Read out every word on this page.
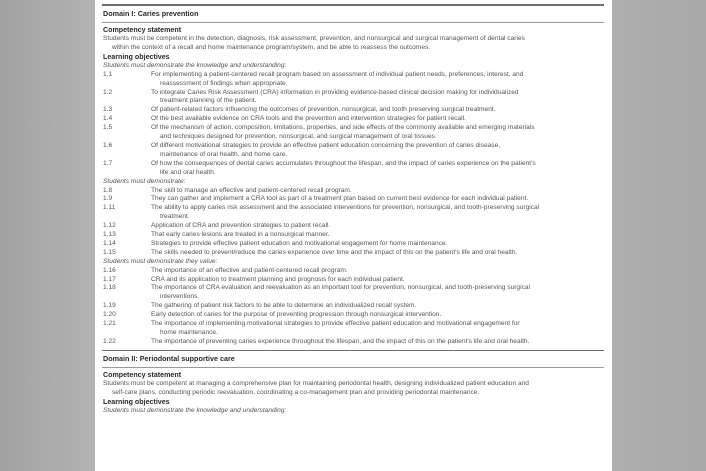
Domain I: Caries prevention
Competency statement
Students must be competent in the detection, diagnosis, risk assessment, prevention, and nonsurgical and surgical management of dental caries
within the context of a recall and home maintenance program/system, and be able to reassess the outcomes.
Learning objectives
Students must demonstrate the knowledge and understanding:
1.1	For implementing a patient-centered recall program based on assessment of individual patient needs, preferences, interest, and
reassessment of findings when appropriate.
1.2	To integrate Caries Risk Assessment (CRA) information in providing evidence-based clinical decision making for individualized
treatment planning of the patient.
1.3	Of patient-related factors influencing the outcomes of prevention, nonsurgical, and tooth preserving surgical treatment.
1.4	Of the best available evidence on CRA tools and the prevention and intervention strategies for patient recall.
1.5	Of the mechanism of action, composition, limitations, properties, and side effects of the commonly available and emerging materials
and techniques designed for prevention, nonsurgical, and surgical management of oral tissues.
1.6	Of different motivational strategies to provide an effective patient education concerning the prevention of caries disease,
maintenance of oral health, and home care.
1.7	Of how the consequences of dental caries accumulates throughout the lifespan, and the impact of caries experience on the patient's
life and oral health.
Students must demonstrate:
1.8	The skill to manage an effective and patient-centered recall program.
1.9	They can gather and implement a CRA tool as part of a treatment plan based on current best evidence for each individual patient.
1.11	The ability to apply caries risk assessment and the associated interventions for prevention, nonsurgical, and tooth-preserving surgical
treatment.
1.12	Application of CRA and prevention strategies to patient recall.
1.13	That early caries lesions are treated in a nonsurgical manner.
1.14	Strategies to provide effective patient education and motivational engagement for home maintenance.
1.15	The skills needed to prevent/reduce the caries experience over time and the impact of this on the patient's life and oral health.
Students must demonstrate they value:
1.16	The importance of an effective and patient-centered recall program.
1.17	CRA and its application to treatment planning and prognosis for each individual patient.
1.18	The importance of CRA evaluation and reevaluation as an important tool for prevention, nonsurgical, and tooth-preserving surgical
interventions.
1.19	The gathering of patient risk factors to be able to determine an individualized recall system.
1.20	Early detection of caries for the purpose of preventing progression through nonsurgical intervention.
1.21	The importance of implementing motivational strategies to provide effective patient education and motivational engagement for
home maintenance.
1.22	The importance of preventing caries experience throughout the lifespan, and the impact of this on the patient's life and oral health.
Domain II: Periodontal supportive care
Competency statement
Students must be competent at managing a comprehensive plan for maintaining periodontal health, designing individualized patient education and
self-care plans, conducting periodic reevaluation, coordinating a co-management plan and providing periodontal maintenance.
Learning objectives
Students must demonstrate the knowledge and understanding:
